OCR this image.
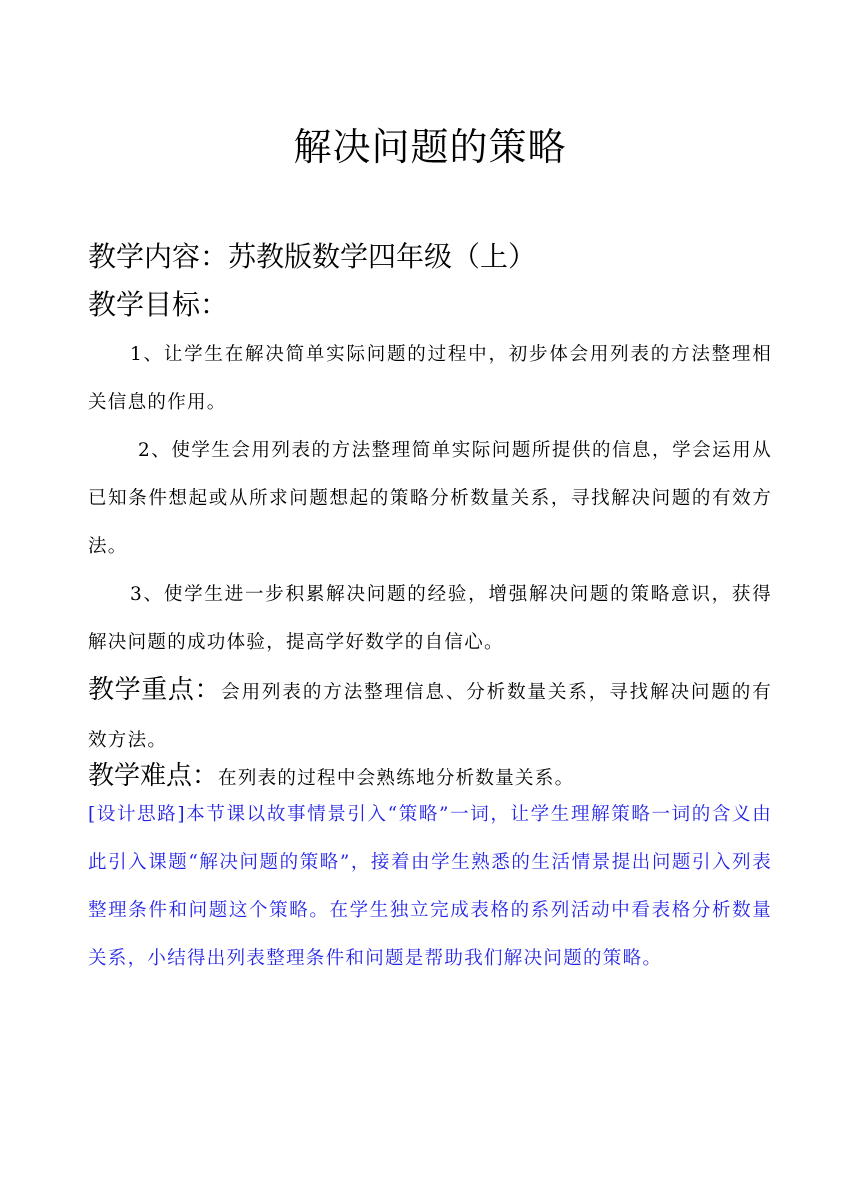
解决问题的策略
教学内容：苏教版数学四年级（上）
教学目标：
1、让学生在解决简单实际问题的过程中，初步体会用列表的方法整理相关信息的作用。
2、使学生会用列表的方法整理简单实际问题所提供的信息，学会运用从已知条件想起或从所求问题想起的策略分析数量关系，寻找解决问题的有效方法。
3、使学生进一步积累解决问题的经验，增强解决问题的策略意识，获得解决问题的成功体验，提高学好数学的自信心。
教学重点：会用列表的方法整理信息、分析数量关系，寻找解决问题的有效方法。
教学难点：在列表的过程中会熟练地分析数量关系。
[设计思路]本节课以故事情景引入“策略”一词，让学生理解策略一词的含义由此引入课题“解决问题的策略”，接着由学生熟悉的生活情景提出问题引入列表整理条件和问题这个策略。在学生独立完成表格的系列活动中看表格分析数量关系，小结得出列表整理条件和问题是帮助我们解决问题的策略。
